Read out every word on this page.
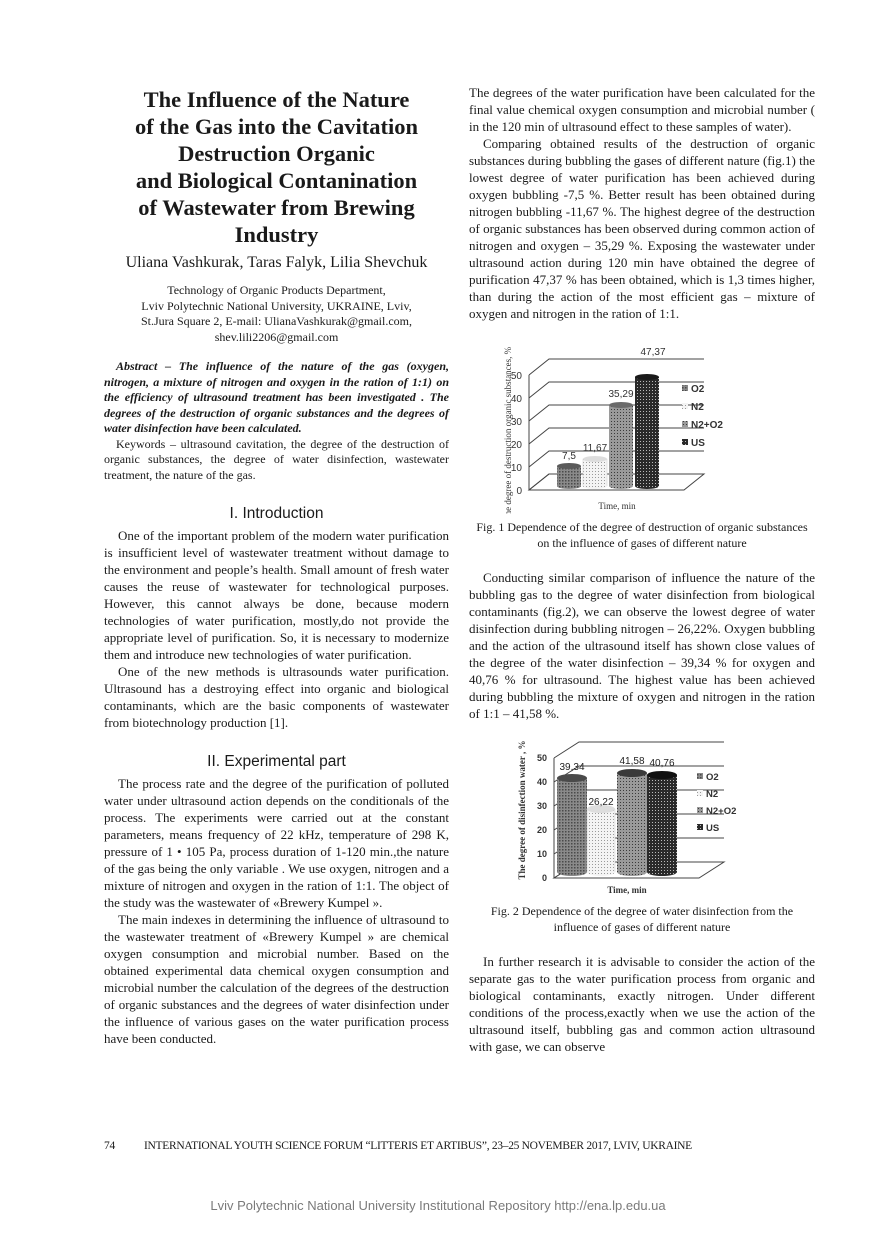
The Influence of the Nature
of the Gas into the Cavitation
Destruction Organic
and Biological Contanination
of Wastewater from Brewing
Industry
Uliana Vashkurak, Taras Falyk, Lilia Shevchuk
Technology of Organic Products Department,
Lviv Polytechnic National University, UKRAINE, Lviv,
St.Jura Square 2, E-mail: UlianaVashkurak@gmail.com,
shev.lili2206@gmail.com
Abstract – The influence of the nature of the gas (oxygen, nitrogen, a mixture of nitrogen and oxygen in the ration of 1:1) on the efficiency of ultrasound treatment has been investigated . The degrees of the destruction of organic substances and the degrees of water disinfection have been calculated.
Keywords – ultrasound cavitation, the degree of the destruction of organic substances, the degree of water disinfection, wastewater treatment, the nature of the gas.
I. Introduction

One of the important problem of the modern water purification is insufficient level of wastewater treatment without damage to the environment and people’s health. Small amount of fresh water causes the reuse of wastewater for technological purposes. However, this cannot always be done, because modern technologies of water purification, mostly,do not provide the appropriate level of purification. So, it is necessary to modernize them and introduce new technologies of water purification.

One of the new methods is ultrasounds water purification. Ultrasound has a destroying effect into organic and biological contaminants, which are the basic components of wastewater from biotechnology production [1].

II. Experimental part

The process rate and the degree of the purification of polluted water under ultrasound action depends on the conditionals of the process. The experiments were carried out at the constant parameters, means frequency of 22 kHz, temperature of 298 K, pressure of 1 • 105 Pa, process duration of 1-120 min.,the nature of the gas being the only variable . We use oxygen, nitrogen and a mixture of nitrogen and oxygen in the ration of 1:1. The object of the study was the wastewater of «Brewery Kumpel ».

The main indexes in determining the influence of ultrasound to the wastewater treatment of «Brewery Kumpel » are chemical oxygen consumption and microbial number. Based on the obtained experimental data chemical oxygen consumption and microbial number the calculation of the degrees of the destruction of organic substances and the degrees of water disinfection under the influence of various gases on the water purification process have been conducted.

The degrees of the water purification have been calculated for the final value chemical oxygen consumption and microbial number ( in the 120 min of ultrasound effect to these samples of water).

Comparing obtained results of the destruction of organic substances during bubbling the gases of different nature (fig.1) the lowest degree of water purification has been achieved during oxygen bubbling -7,5 %. Better result has been obtained during nitrogen bubbling -11,67 %. The highest degree of the destruction of organic substances has been observed during common action of nitrogen and oxygen – 35,29 %. Exposing the wastewater under ultrasound action during 120 min have obtained the degree of purification 47,37 % has been obtained, which is 1,3 times higher, than during the action of the most efficient gas – mixture of oxygen and nitrogen in the ration of 1:1.

, The degree of destruction organic substances, % 0
10
20
30
40
50
7,5
11,67
35,29
47,37
O2
N2
N2+O2
US
Time, min
Fig. 1 Dependence of the degree of destruction of organic substances on the influence of gases of different nature

Conducting similar comparison of influence the nature of the bubbling gas to the degree of water disinfection from biological contaminants (fig.2), we can observe the lowest degree of water disinfection during bubbling nitrogen – 26,22%. Oxygen bubbling and the action of the ultrasound itself has shown close values of the degree of the water disinfection – 39,34 % for oxygen and 40,76 % for ultrasound. The highest value has been achieved during bubbling the mixture of oxygen and nitrogen in the ration of 1:1 – 41,58 %.

The degree of disinfection water , % 0
10
20
30
40
50
39,34
26,22
41,58 40,76
O2
N2
N2+O2
US
Time, min
Fig. 2 Dependence of the degree of water disinfection from the influence of gases of different nature

In further research it is advisable to consider the action of the separate gas to the water purification process from organic and biological contaminants, exactly nitrogen. Under different conditions of the process,exactly when we use the action of the ultrasound itself, bubbling gas and common action ultrasound with gase, we can observe

74	INTERNATIONAL YOUTH SCIENCE FORUM “LITTERIS ET ARTIBUS”, 23–25 NOVEMBER 2017, LVIV, UKRAINE
Lviv Polytechnic National University Institutional Repository http://ena.lp.edu.ua
